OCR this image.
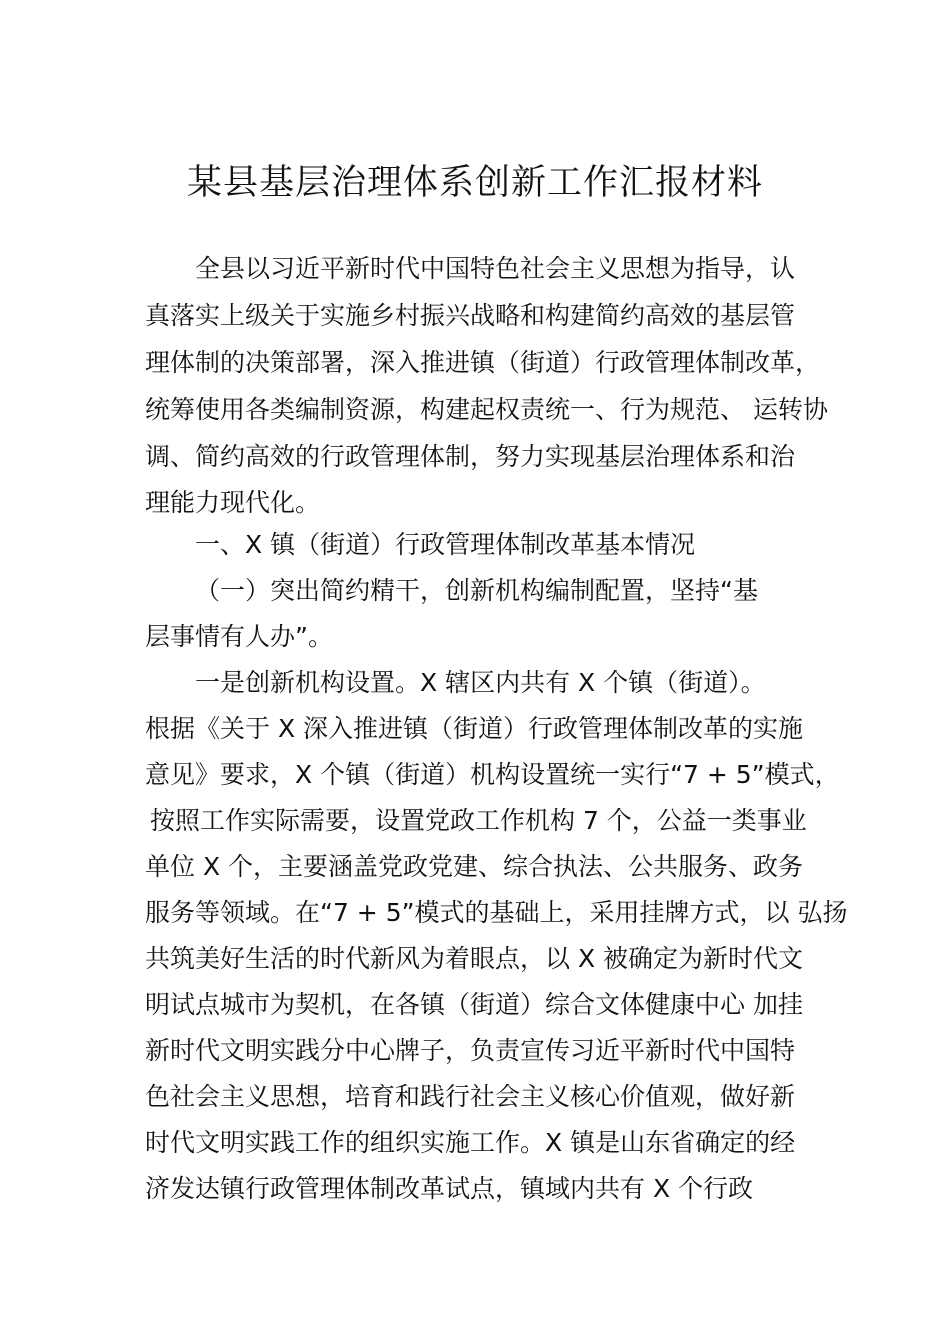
某县基层治理体系创新工作汇报材料
全县以习近平新时代中国特色社会主义思想为指导，认
真落实上级关于实施乡村振兴战略和构建简约高效的基层管
理体制的决策部署，深入推进镇（街道）行政管理体制改革，
统筹使用各类编制资源，构建起权责统一、行为规范、 运转协
调、简约高效的行政管理体制，努力实现基层治理体系和治
理能力现代化。
一、X 镇（街道）行政管理体制改革基本情况
（一）突出简约精干，创新机构编制配置，坚持“基
层事情有人办”。
一是创新机构设置。X 辖区内共有 X 个镇（街道）。
根据《关于 X 深入推进镇（街道）行政管理体制改革的实施
意见》要求，X 个镇（街道）机构设置统一实行“7 + 5”模式，
按照工作实际需要，设置党政工作机构 7 个，公益一类事业
单位 X 个，主要涵盖党政党建、综合执法、公共服务、政务
服务等领域。在“7 + 5”模式的基础上，采用挂牌方式，以 弘扬
共筑美好生活的时代新风为着眼点，以 X 被确定为新时代文
明试点城市为契机，在各镇（街道）综合文体健康中心 加挂
新时代文明实践分中心牌子，负责宣传习近平新时代中国特
色社会主义思想，培育和践行社会主义核心价值观，做好新
时代文明实践工作的组织实施工作。X 镇是山东省确定的经
济发达镇行政管理体制改革试点，镇域内共有 X 个行政
